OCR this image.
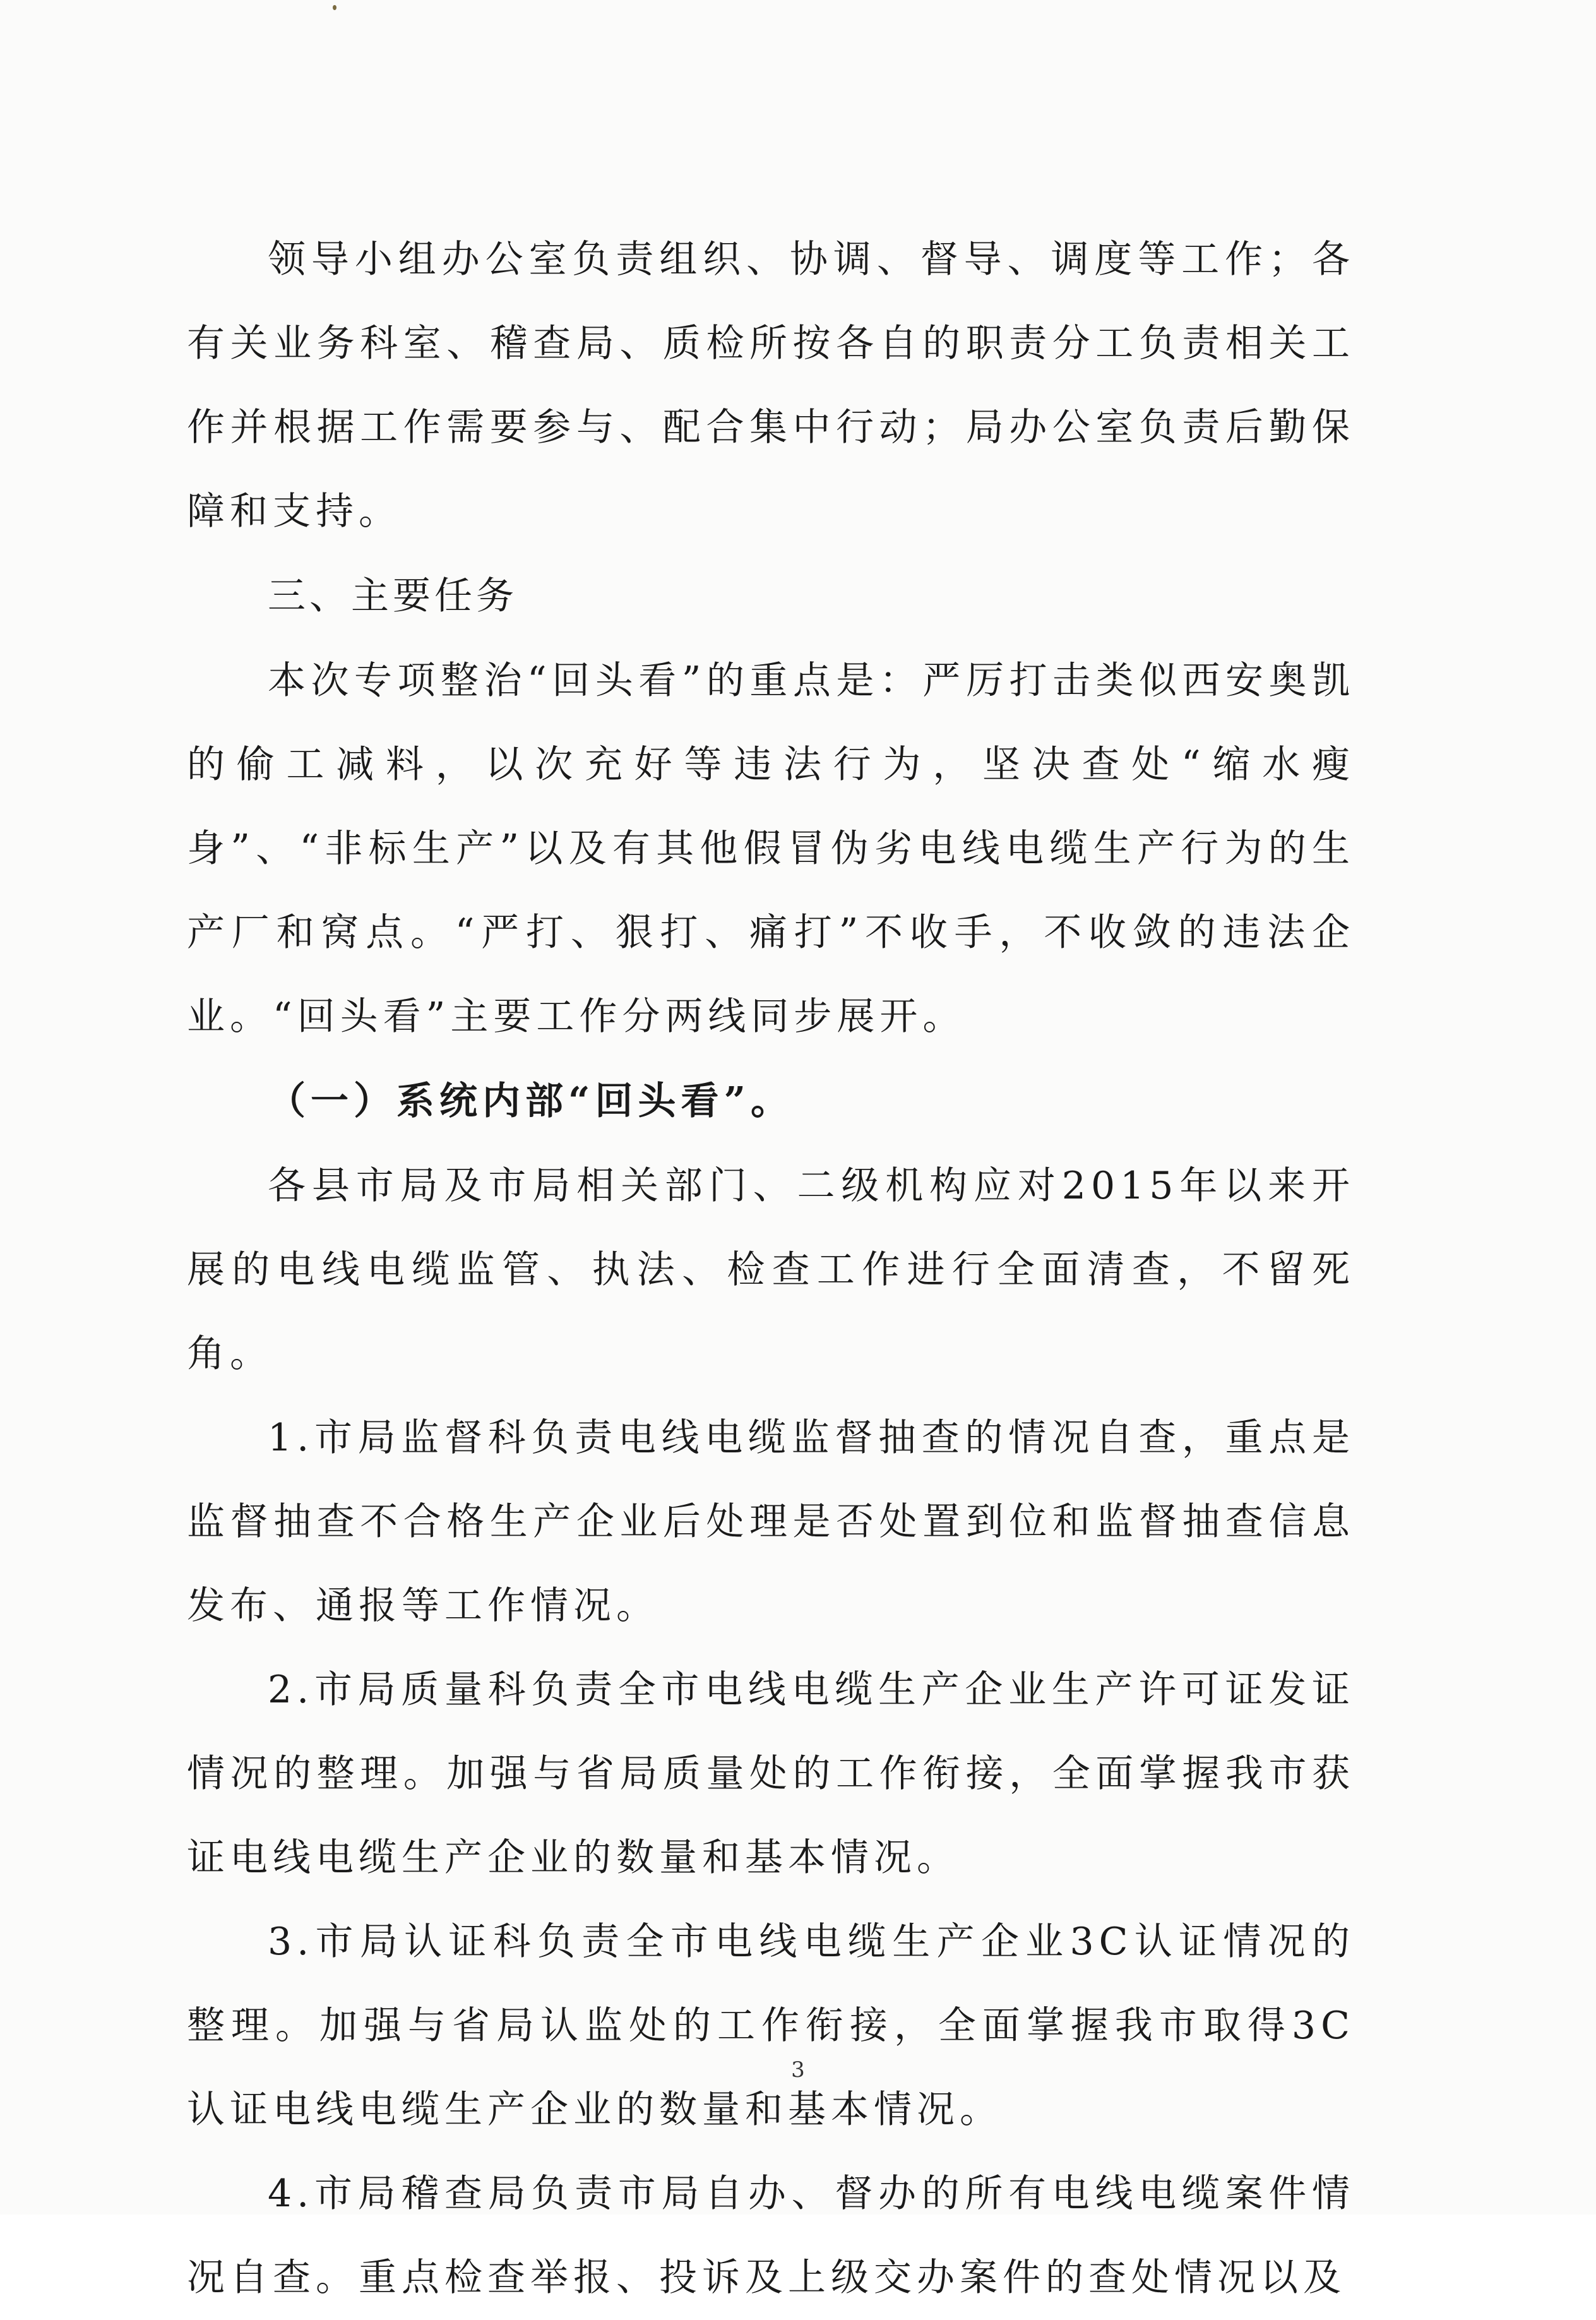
领导小组办公室负责组织、协调、督导、调度等工作；各有关业务科室、稽查局、质检所按各自的职责分工负责相关工作并根据工作需要参与、配合集中行动；局办公室负责后勤保障和支持。

三、主要任务

本次专项整治“回头看”的重点是：严厉打击类似西安奥凯的偷工减料，以次充好等违法行为，坚决查处“缩水瘦身”、“非标生产”以及有其他假冒伪劣电线电缆生产行为的生产厂和窝点。“严打、狠打、痛打”不收手，不收敛的违法企业。“回头看”主要工作分两线同步展开。

（一）系统内部“回头看”。

各县市局及市局相关部门、二级机构应对2015年以来开展的电线电缆监管、执法、检查工作进行全面清查，不留死角。

1.市局监督科负责电线电缆监督抽查的情况自查，重点是监督抽查不合格生产企业后处理是否处置到位和监督抽查信息发布、通报等工作情况。

2.市局质量科负责全市电线电缆生产企业生产许可证发证情况的整理。加强与省局质量处的工作衔接，全面掌握我市获证电线电缆生产企业的数量和基本情况。

3.市局认证科负责全市电线电缆生产企业3C认证情况的整理。加强与省局认监处的工作衔接，全面掌握我市取得3C认证电线电缆生产企业的数量和基本情况。

4.市局稽查局负责市局自办、督办的所有电线电缆案件情况自查。重点检查举报、投诉及上级交办案件的查处情况以及

3
